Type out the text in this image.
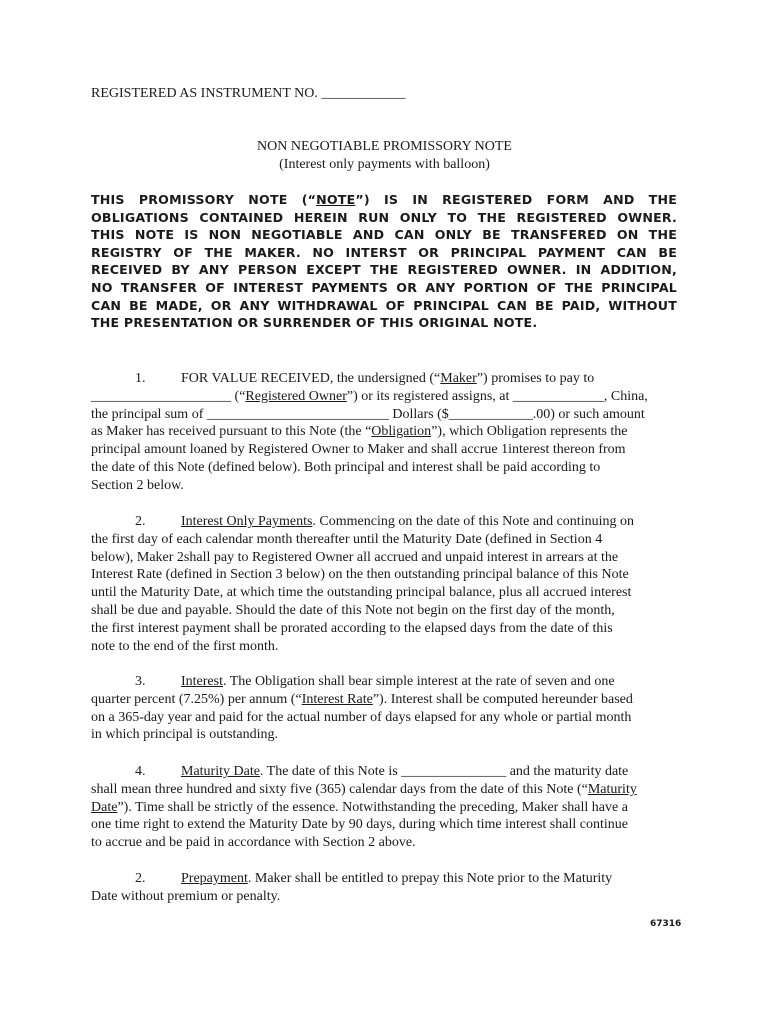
REGISTERED AS INSTRUMENT NO. ____________
NON NEGOTIABLE PROMISSORY NOTE
(Interest only payments with balloon)
THIS PROMISSORY NOTE (“NOTE”) IS IN REGISTERED FORM AND THE
OBLIGATIONS CONTAINED HEREIN RUN ONLY TO THE REGISTERED OWNER.
THIS NOTE IS NON NEGOTIABLE AND CAN ONLY BE TRANSFERED ON THE
REGISTRY OF THE MAKER. NO INTERST OR PRINCIPAL PAYMENT CAN BE
RECEIVED BY ANY PERSON EXCEPT THE REGISTERED OWNER. IN ADDITION,
NO TRANSFER OF INTEREST PAYMENTS OR ANY PORTION OF THE PRINCIPAL
CAN BE MADE, OR ANY WITHDRAWAL OF PRINCIPAL CAN BE PAID, WITHOUT
THE PRESENTATION OR SURRENDER OF THIS ORIGINAL NOTE.
1.	FOR VALUE RECEIVED, the undersigned (“Maker”) promises to pay to
____________________ (“Registered Owner”) or its registered assigns, at _____________, China,
the principal sum of __________________________ Dollars ($____________.00) or such amount
as Maker has received pursuant to this Note (the “Obligation”), which Obligation represents the
principal amount loaned by Registered Owner to Maker and shall accrue 1interest thereon from
the date of this Note (defined below). Both principal and interest shall be paid according to
Section 2 below.
2.	Interest Only Payments. Commencing on the date of this Note and continuing on
the first day of each calendar month thereafter until the Maturity Date (defined in Section 4
below), Maker 2shall pay to Registered Owner all accrued and unpaid interest in arrears at the
Interest Rate (defined in Section 3 below) on the then outstanding principal balance of this Note
until the Maturity Date, at which time the outstanding principal balance, plus all accrued interest
shall be due and payable. Should the date of this Note not begin on the first day of the month,
the first interest payment shall be prorated according to the elapsed days from the date of this
note to the end of the first month.
3.	Interest. The Obligation shall bear simple interest at the rate of seven and one
quarter percent (7.25%) per annum (“Interest Rate”). Interest shall be computed hereunder based
on a 365-day year and paid for the actual number of days elapsed for any whole or partial month
in which principal is outstanding.
4.	Maturity Date. The date of this Note is _______________ and the maturity date
shall mean three hundred and sixty five (365) calendar days from the date of this Note (“Maturity
Date”). Time shall be strictly of the essence. Notwithstanding the preceding, Maker shall have a
one time right to extend the Maturity Date by 90 days, during which time interest shall continue
to accrue and be paid in accordance with Section 2 above.
2.	Prepayment. Maker shall be entitled to prepay this Note prior to the Maturity
Date without premium or penalty.
67316
